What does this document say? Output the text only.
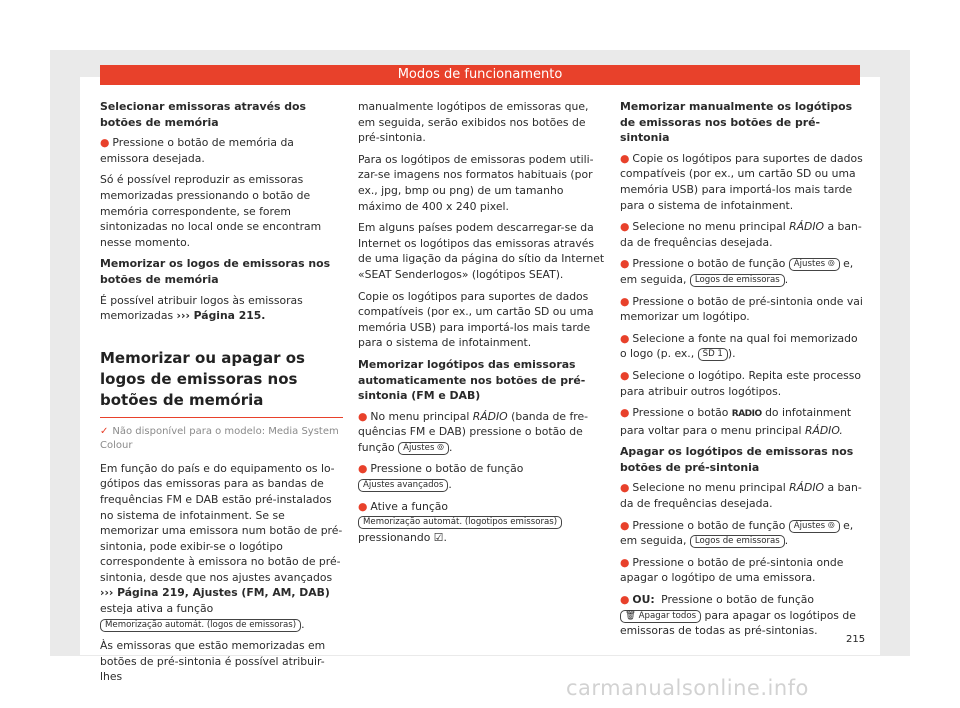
Modos de funcionamento
Selecionar emissoras através dos botões de memória

● Pressione o botão de memória da emissora desejada.

Só é possível reproduzir as emissoras memorizadas pressionando o botão de memória correspondente, se forem sintonizadas no local onde se encontram nesse momento.

Memorizar os logos de emissoras nos botões de memória

É possível atribuir logos às emissoras memorizadas ››› Página 215.

Memorizar ou apagar os logos de emissoras nos botões de memória
✓ Não disponível para o modelo: Media System Colour

Em função do país e do equipamento os logótipos das emissoras para as bandas de frequências FM e DAB estão pré-instalados no sistema de infotainment. Se se memorizar uma emissora num botão de pré-sintonia, pode exibir-se o logótipo correspondente à emissora no botão de pré-sintonia, desde que nos ajustes avançados ››› Página 219, Ajustes (FM, AM, DAB) esteja ativa a função Memorização automát. (logos de emissoras) .

Às emissoras que estão memorizadas em botões de pré-sintonia é possível atribuir-lhes

manualmente logótipos de emissoras que, em seguida, serão exibidos nos botões de pré-sintonia.

Para os logótipos de emissoras podem utilizar-se imagens nos formatos habituais (por ex., jpg, bmp ou png) de um tamanho máximo de 400 x 240 pixel.

Em alguns países podem descarregar-se da Internet os logótipos das emissoras através de uma ligação da página do sítio da Internet «SEAT Senderlogos» (logótipos SEAT).

Copie os logótipos para suportes de dados compatíveis (por ex., um cartão SD ou uma memória USB) para importá-los mais tarde para o sistema de infotainment.

Memorizar logótipos das emissoras automaticamente nos botões de pré-sintonia (FM e DAB)

● No menu principal RÁDIO (banda de frequências FM e DAB) pressione o botão de função Ajustes ⦾ .

● Pressione o botão de função Ajustes avançados .

● Ative a função Memorização automát. (logotipos emissoras) pressionando ☑.

Memorizar manualmente os logótipos de emissoras nos botões de pré-sintonia

● Copie os logótipos para suportes de dados compatíveis (por ex., um cartão SD ou uma memória USB) para importá-los mais tarde para o sistema de infotainment.

● Selecione no menu principal RÁDIO a banda de frequências desejada.

● Pressione o botão de função Ajustes ⦾ e, em seguida, Logos de emissoras .

● Pressione o botão de pré-sintonia onde vai memorizar um logótipo.

● Selecione a fonte na qual foi memorizado o logo (p. ex., SD 1 ).

● Selecione o logótipo. Repita este processo para atribuir outros logótipos.

● Pressione o botão RADIO do infotainment para voltar para o menu principal RÁDIO.

Apagar os logótipos de emissoras nos botões de pré-sintonia

● Selecione no menu principal RÁDIO a banda de frequências desejada.

● Pressione o botão de função Ajustes ⦾ e, em seguida, Logos de emissoras .

● Pressione o botão de pré-sintonia onde apagar o logótipo de uma emissora.

● OU: Pressione o botão de função 🗑 Apagar todos para apagar os logótipos de emissoras de todas as pré-sintonias.

215
carmanualsonline.info
